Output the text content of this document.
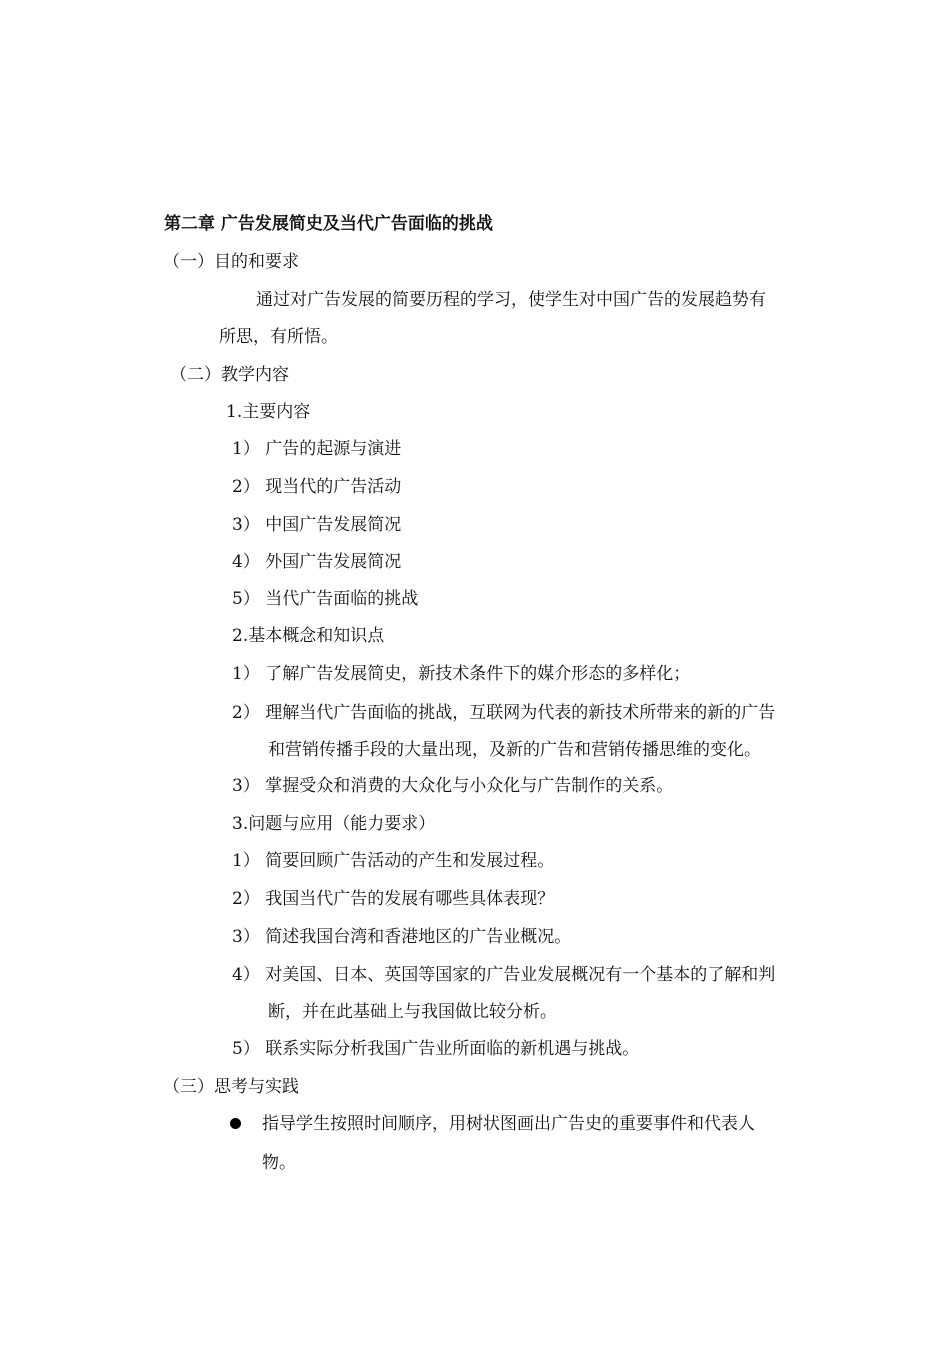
第二章 广告发展简史及当代广告面临的挑战
（一）目的和要求
通过对广告发展的简要历程的学习，使学生对中国广告的发展趋势有
所思，有所悟。
（二）教学内容
1.主要内容
1） 广告的起源与演进
2） 现当代的广告活动
3） 中国广告发展简况
4） 外国广告发展简况
5） 当代广告面临的挑战
2.基本概念和知识点
1） 了解广告发展简史，新技术条件下的媒介形态的多样化；
2） 理解当代广告面临的挑战，互联网为代表的新技术所带来的新的广告
和营销传播手段的大量出现，及新的广告和营销传播思维的变化。
3） 掌握受众和消费的大众化与小众化与广告制作的关系。
3.问题与应用（能力要求）
1） 简要回顾广告活动的产生和发展过程。
2） 我国当代广告的发展有哪些具体表现？
3） 简述我国台湾和香港地区的广告业概况。
4） 对美国、日本、英国等国家的广告业发展概况有一个基本的了解和判
断，并在此基础上与我国做比较分析。
5） 联系实际分析我国广告业所面临的新机遇与挑战。
（三）思考与实践
指导学生按照时间顺序，用树状图画出广告史的重要事件和代表人
物。
